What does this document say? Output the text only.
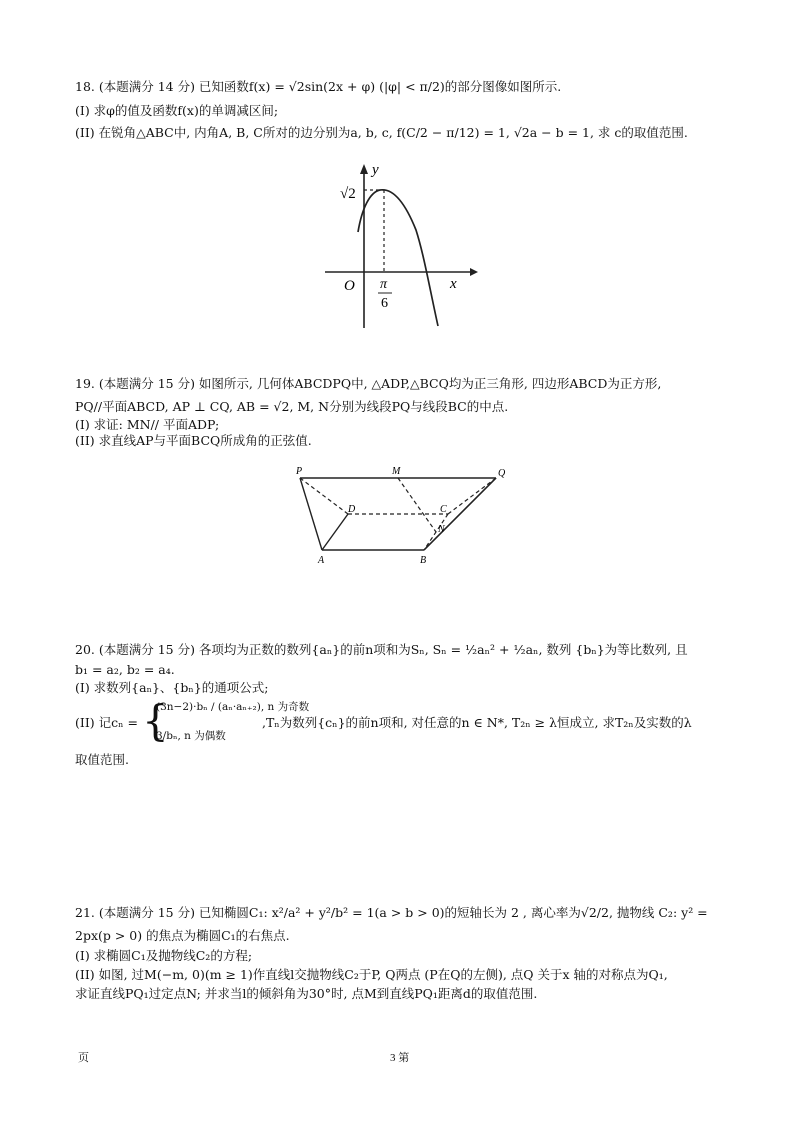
18. (本题满分 14 分) 已知函数f(x) = √2sin(2x + φ) (|φ| < π/2)的部分图像如图所示.
(I) 求φ的值及函数f(x)的单调减区间;
(II) 在锐角△ABC中, 内角A, B, C所对的边分别为a, b, c, f(C/2 − π/12) = 1, √2a − b = 1, 求 c的取值范围.
y
x
O
√2
π
6
19. (本题满分 15 分) 如图所示, 几何体ABCDPQ中, △ADP,△BCQ均为正三角形, 四边形ABCD为正方形,
PQ//平面ABCD, AP ⊥ CQ, AB = √2, M, N分别为线段PQ与线段BC的中点.
(I) 求证: MN// 平面ADP;
(II) 求直线AP与平面BCQ所成角的正弦值.
P	M	Q
D	C
N
A	B
20. (本题满分 15 分) 各项均为正数的数列{aₙ}的前n项和为Sₙ, Sₙ = ½aₙ² + ½aₙ, 数列 {bₙ}为等比数列, 且
b₁ = a₂, b₂ = a₄.
(I) 求数列{aₙ}、{bₙ}的通项公式;
(II) 记cₙ = {
(3n−2)·bₙ / (aₙ·aₙ₊₂), n 为奇数
3/bₙ, n 为偶数
,Tₙ为数列{cₙ}的前n项和, 对任意的n ∈ N*, T₂ₙ ≥ λ恒成立, 求T₂ₙ及实数的λ
取值范围.
21. (本题满分 15 分) 已知椭圆C₁: x²/a² + y²/b² = 1(a > b > 0)的短轴长为 2 , 离心率为√2/2, 抛物线 C₂: y² =
2px(p > 0) 的焦点为椭圆C₁的右焦点.
(I) 求椭圆C₁及抛物线C₂的方程;
(II) 如图, 过M(−m, 0)(m ≥ 1)作直线l交抛物线C₂于P, Q两点 (P在Q的左侧), 点Q 关于x 轴的对称点为Q₁,
求证直线PQ₁过定点N; 并求当l的倾斜角为30°时, 点M到直线PQ₁距离d的取值范围.
页	3 第
